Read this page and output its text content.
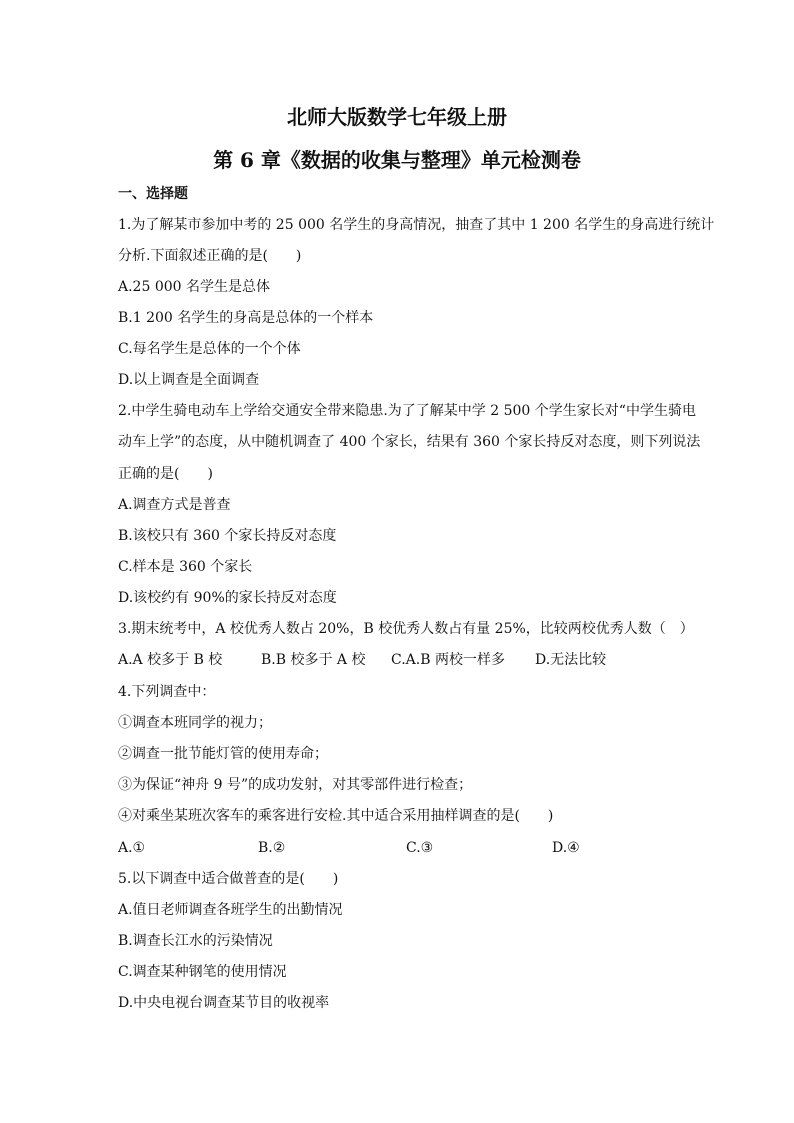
北师大版数学七年级上册
第 6 章《数据的收集与整理》单元检测卷
一、选择题
1.为了解某市参加中考的 25 000 名学生的身高情况，抽查了其中 1 200 名学生的身高进行统计
分析.下面叙述正确的是(　　)
A.25 000 名学生是总体
B.1 200 名学生的身高是总体的一个样本
C.每名学生是总体的一个个体
D.以上调查是全面调查
2.中学生骑电动车上学给交通安全带来隐患.为了了解某中学 2 500 个学生家长对“中学生骑电
动车上学”的态度，从中随机调查了 400 个家长，结果有 360 个家长持反对态度，则下列说法
正确的是(　　)
A.调查方式是普查
B.该校只有 360 个家长持反对态度
C.样本是 360 个家长
D.该校约有 90%的家长持反对态度
3.期末统考中，A 校优秀人数占 20%，B 校优秀人数占有量 25%，比较两校优秀人数（　）
A.A 校多于 B 校	B.B 校多于 A 校 C.A.B 两校一样多 D.无法比较
4.下列调查中：
①调查本班同学的视力；
②调查一批节能灯管的使用寿命；
③为保证“神舟 9 号”的成功发射，对其零部件进行检查；
④对乘坐某班次客车的乘客进行安检.其中适合采用抽样调查的是(　　)
A.①	B.②	C.③	D.④
5.以下调查中适合做普查的是(　　)
A.值日老师调查各班学生的出勤情况
B.调查长江水的污染情况
C.调查某种钢笔的使用情况
D.中央电视台调查某节目的收视率
